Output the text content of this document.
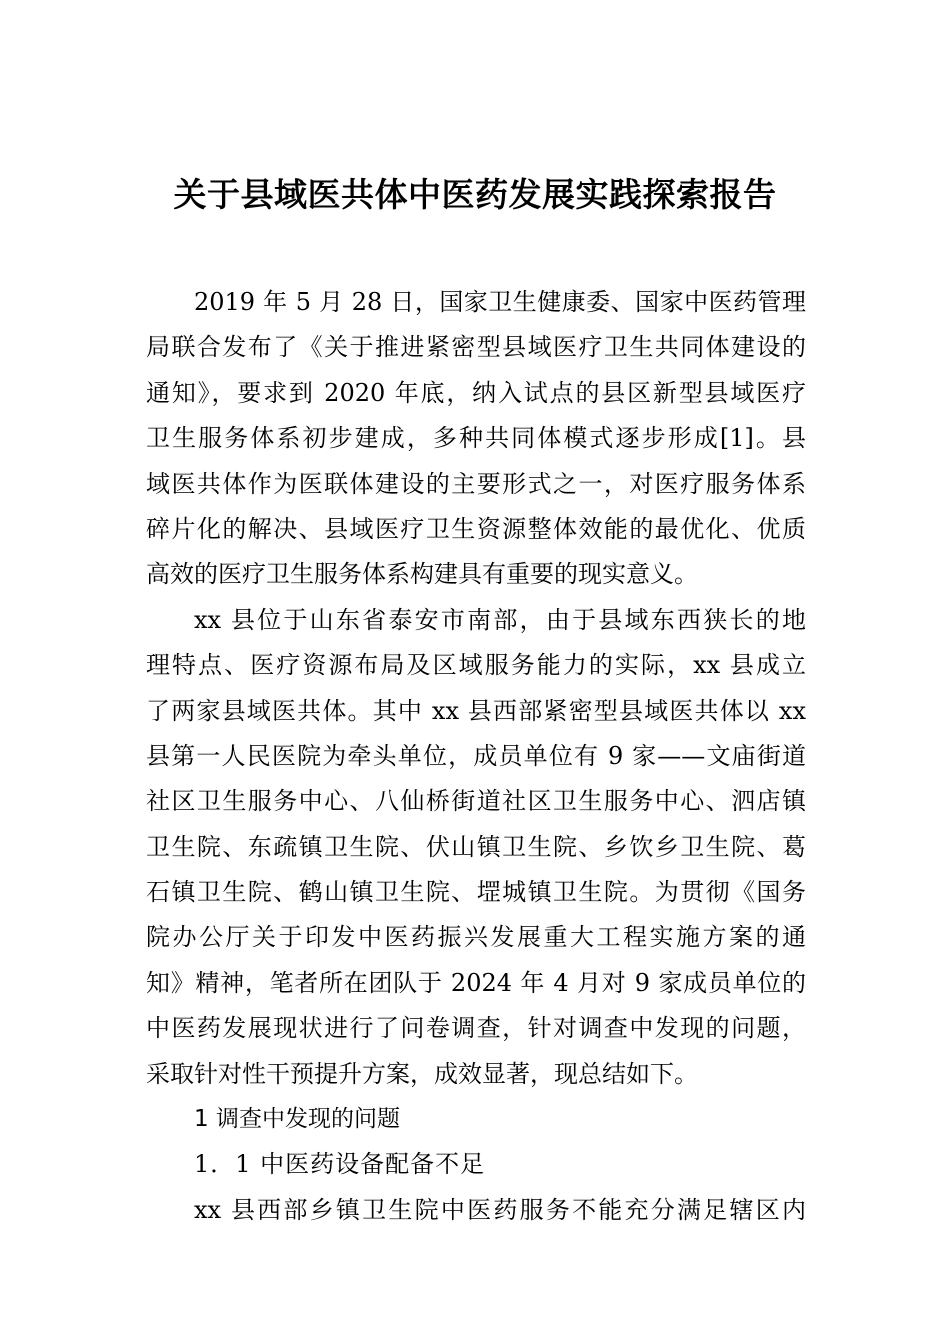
关于县域医共体中医药发展实践探索报告
2019 年 5 月 28 日，国家卫生健康委、国家中医药管理
局联合发布了《关于推进紧密型县域医疗卫生共同体建设的
通知》，要求到 2020 年底，纳入试点的县区新型县域医疗
卫生服务体系初步建成，多种共同体模式逐步形成[1]。县
域医共体作为医联体建设的主要形式之一，对医疗服务体系
碎片化的解决、县域医疗卫生资源整体效能的最优化、优质
高效的医疗卫生服务体系构建具有重要的现实意义。
xx 县位于山东省泰安市南部，由于县域东西狭长的地
理特点、医疗资源布局及区域服务能力的实际，xx 县成立
了两家县域医共体。其中 xx 县西部紧密型县域医共体以 xx
县第一人民医院为牵头单位，成员单位有 9 家——文庙街道
社区卫生服务中心、八仙桥街道社区卫生服务中心、泗店镇
卫生院、东疏镇卫生院、伏山镇卫生院、乡饮乡卫生院、葛
石镇卫生院、鹤山镇卫生院、堽城镇卫生院。为贯彻《国务
院办公厅关于印发中医药振兴发展重大工程实施方案的通
知》精神，笔者所在团队于 2024 年 4 月对 9 家成员单位的
中医药发展现状进行了问卷调查，针对调查中发现的问题，
采取针对性干预提升方案，成效显著，现总结如下。
1 调查中发现的问题
1．1 中医药设备配备不足
xx 县西部乡镇卫生院中医药服务不能充分满足辖区内
